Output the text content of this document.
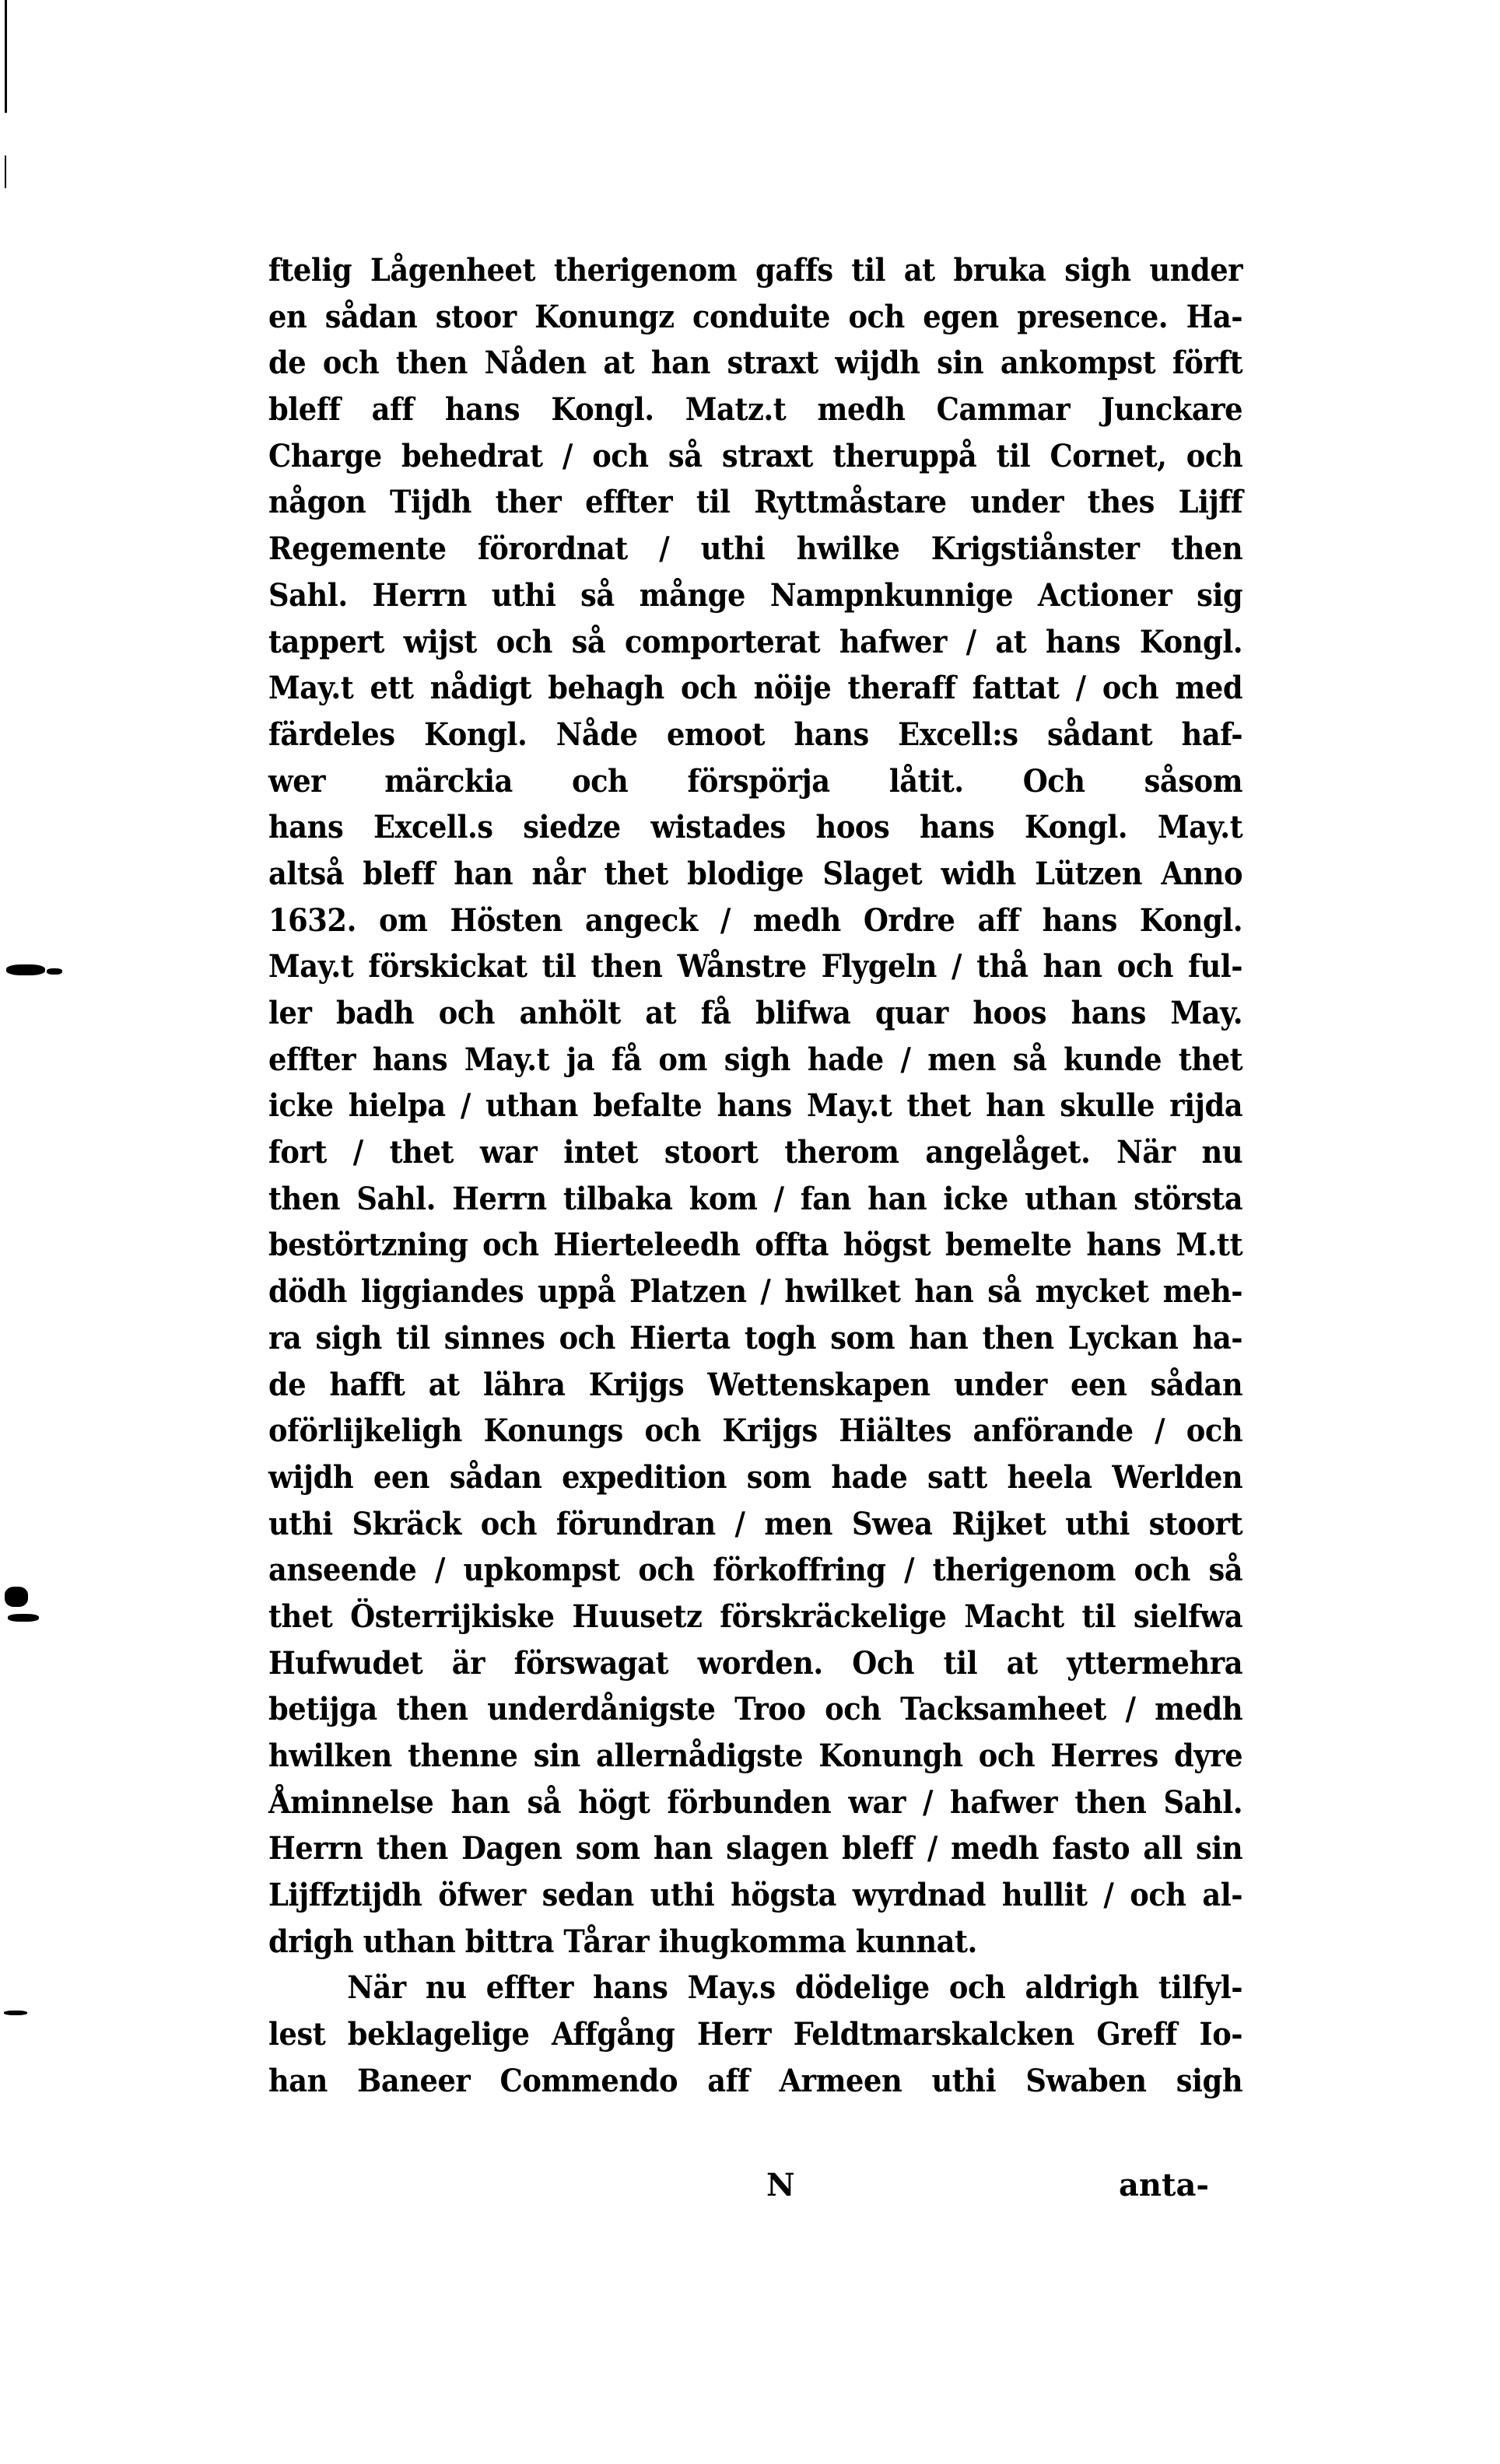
ftelig Lågenheet therigenom gaffs til at bruka sigh under
en sådan stoor Konungz conduite och egen presence. Ha-
de och then Nåden at han straxt wijdh sin ankompst förft
bleff aff hans Kongl. Matz.t medh Cammar Junckare
Charge behedrat / och så straxt theruppå til Cornet, och
någon Tijdh ther effter til Ryttmåstare under thes Lijff
Regemente förordnat / uthi hwilke Krigstiånster then
Sahl. Herrn uthi så månge Nampnkunnige Actioner sig
tappert wijst och så comporterat hafwer / at hans Kongl.
May.t ett nådigt behagh och nöije theraff fattat / och med
färdeles Kongl. Nåde emoot hans Excell:s sådant haf-
wer märckia och förspörja låtit. Och såsom
hans Excell.s siedze wistades hoos hans Kongl. May.t
altså bleff han når thet blodige Slaget widh Lützen Anno
1632. om Hösten angeck / medh Ordre aff hans Kongl.
May.t förskickat til then Wånstre Flygeln / thå han och ful-
ler badh och anhölt at få blifwa quar hoos hans May.
effter hans May.t ja få om sigh hade / men så kunde thet
icke hielpa / uthan befalte hans May.t thet han skulle rijda
fort / thet war intet stoort therom angelåget. När nu
then Sahl. Herrn tilbaka kom / fan han icke uthan största
bestörtzning och Hierteleedh offta högst bemelte hans M.tt
dödh liggiandes uppå Platzen / hwilket han så mycket meh-
ra sigh til sinnes och Hierta togh som han then Lyckan ha-
de hafft at lähra Krijgs Wettenskapen under een sådan
oförlijkeligh Konungs och Krijgs Hiältes anförande / och
wijdh een sådan expedition som hade satt heela Werlden
uthi Skräck och förundran / men Swea Rijket uthi stoort
anseende / upkompst och förkoffring / therigenom och så
thet Österrijkiske Huusetz förskräckelige Macht til sielfwa
Hufwudet är förswagat worden. Och til at yttermehra
betijga then underdånigste Troo och Tacksamheet / medh
hwilken thenne sin allernådigste Konungh och Herres dyre
Åminnelse han så högt förbunden war / hafwer then Sahl.
Herrn then Dagen som han slagen bleff / medh fasto all sin
Lijffztijdh öfwer sedan uthi högsta wyrdnad hullit / och al-
drigh uthan bittra Tårar ihugkomma kunnat.
När nu effter hans May.s dödelige och aldrigh tilfyl-
lest beklagelige Affgång Herr Feldtmarskalcken Greff Io-
han Baneer Commendo aff Armeen uthi Swaben sigh
N	anta-
